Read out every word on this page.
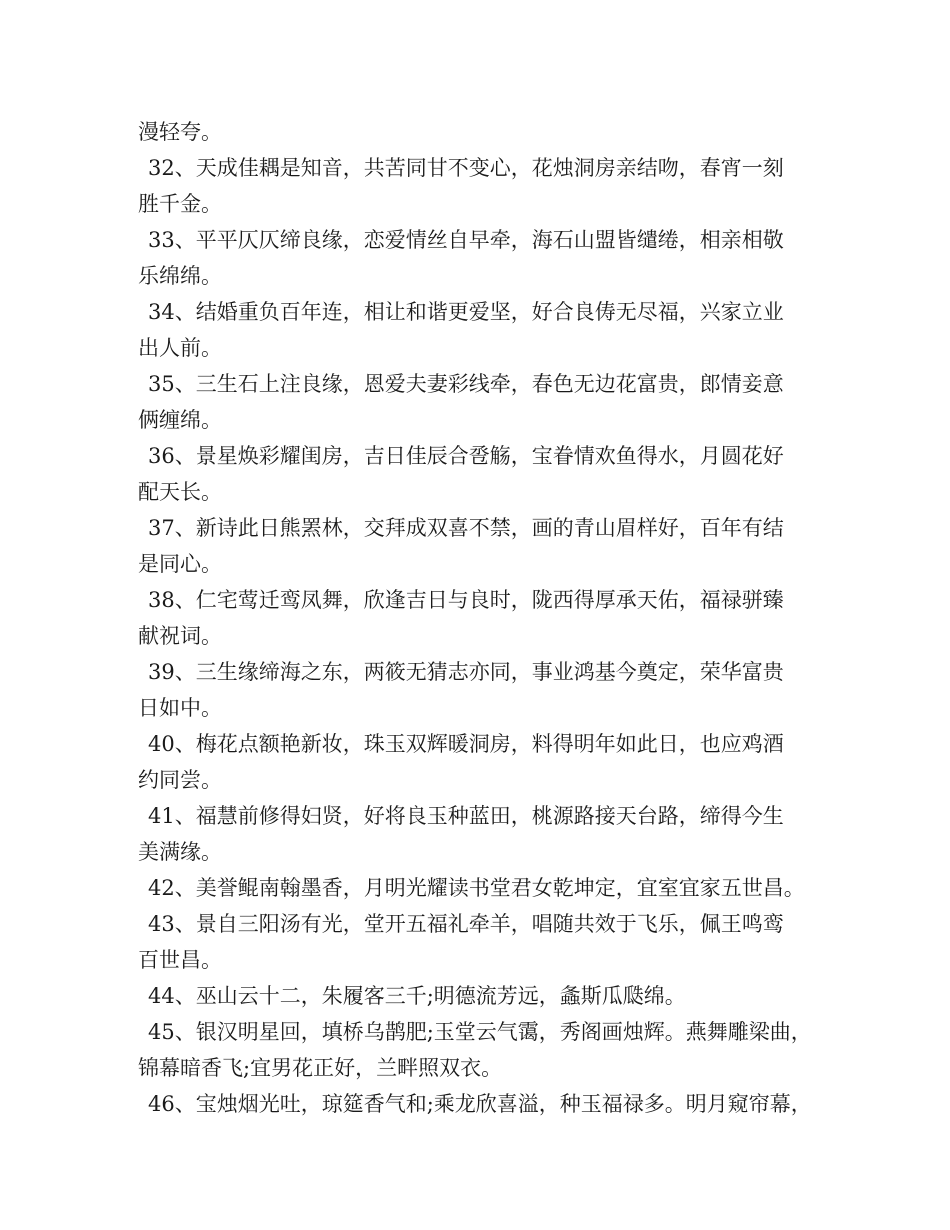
漫轻夸。
32、天成佳耦是知音，共苦同甘不变心，花烛洞房亲结吻，春宵一刻
胜千金。
33、平平仄仄缔良缘，恋爱情丝自早牵，海石山盟皆缱绻，相亲相敬
乐绵绵。
34、结婚重负百年连，相让和谐更爱坚，好合良俦无尽福，兴家立业
出人前。
35、三生石上注良缘，恩爱夫妻彩线牵，春色无边花富贵，郎情妾意
俩缠绵。
36、景星焕彩耀闺房，吉日佳辰合卺觞，宝眷情欢鱼得水，月圆花好
配天长。
37、新诗此日熊罴林，交拜成双喜不禁，画的青山眉样好，百年有结
是同心。
38、仁宅莺迁鸾凤舞，欣逢吉日与良时，陇西得厚承天佑，福禄骈臻
献祝词。
39、三生缘缔海之东，两筱无猜志亦同，事业鸿基今奠定，荣华富贵
日如中。
40、梅花点额艳新妆，珠玉双辉暖洞房，料得明年如此日，也应鸡酒
约同尝。
41、福慧前修得妇贤，好将良玉种蓝田，桃源路接天台路，缔得今生
美满缘。
42、美誉鲲南翰墨香，月明光耀读书堂君女乾坤定，宜室宜家五世昌。
43、景自三阳汤有光，堂开五福礼牵羊，唱随共效于飞乐，佩王鸣鸾
百世昌。
44、巫山云十二，朱履客三千;明德流芳远，螽斯瓜瓞绵。
45、银汉明星回，填桥乌鹊肥;玉堂云气霭，秀阁画烛辉。燕舞雕梁曲，
锦幕暗香飞;宜男花正好，兰畔照双衣。
46、宝烛烟光吐，琼筵香气和;乘龙欣喜溢，种玉福禄多。明月窥帘幕，
